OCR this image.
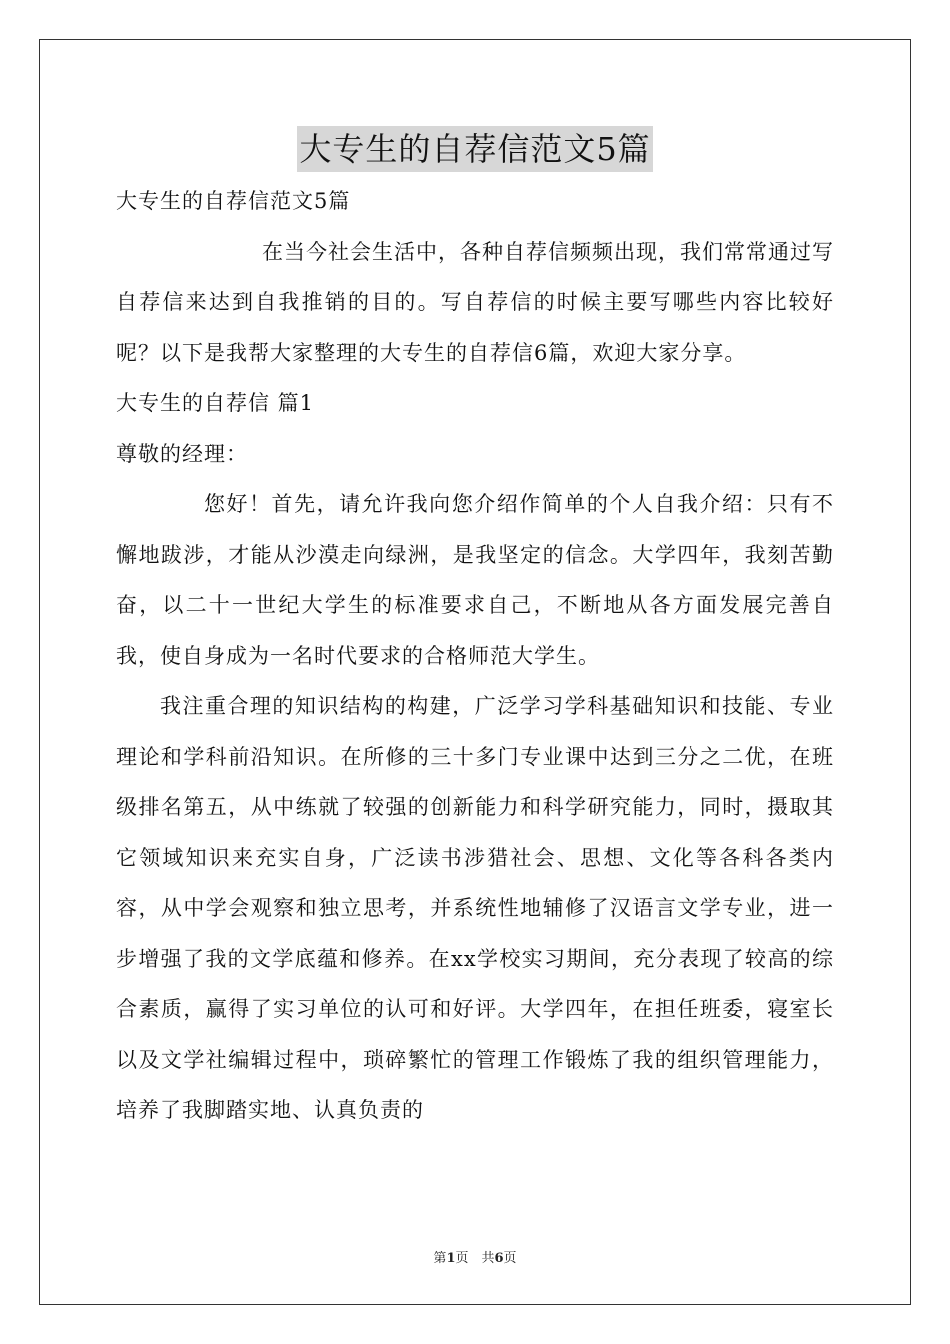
大专生的自荐信范文5篇

大专生的自荐信范文5篇

在当今社会生活中，各种自荐信频频出现，我们常常通过写自荐信来达到自我推销的目的。写自荐信的时候主要写哪些内容比较好呢？以下是我帮大家整理的大专生的自荐信6篇，欢迎大家分享。

大专生的自荐信 篇1

尊敬的经理：

您好！首先，请允许我向您介绍作简单的个人自我介绍：只有不懈地跋涉，才能从沙漠走向绿洲，是我坚定的信念。大学四年，我刻苦勤奋，以二十一世纪大学生的标准要求自己，不断地从各方面发展完善自我，使自身成为一名时代要求的合格师范大学生。

我注重合理的知识结构的构建，广泛学习学科基础知识和技能、专业理论和学科前沿知识。在所修的三十多门专业课中达到三分之二优，在班级排名第五，从中练就了较强的创新能力和科学研究能力，同时，摄取其它领域知识来充实自身，广泛读书涉猎社会、思想、文化等各科各类内容，从中学会观察和独立思考，并系统性地辅修了汉语言文学专业，进一步增强了我的文学底蕴和修养。在xx学校实习期间，充分表现了较高的综合素质，赢得了实习单位的认可和好评。大学四年，在担任班委，寝室长以及文学社编辑过程中，琐碎繁忙的管理工作锻炼了我的组织管理能力，培养了我脚踏实地、认真负责的

第1页　共6页
